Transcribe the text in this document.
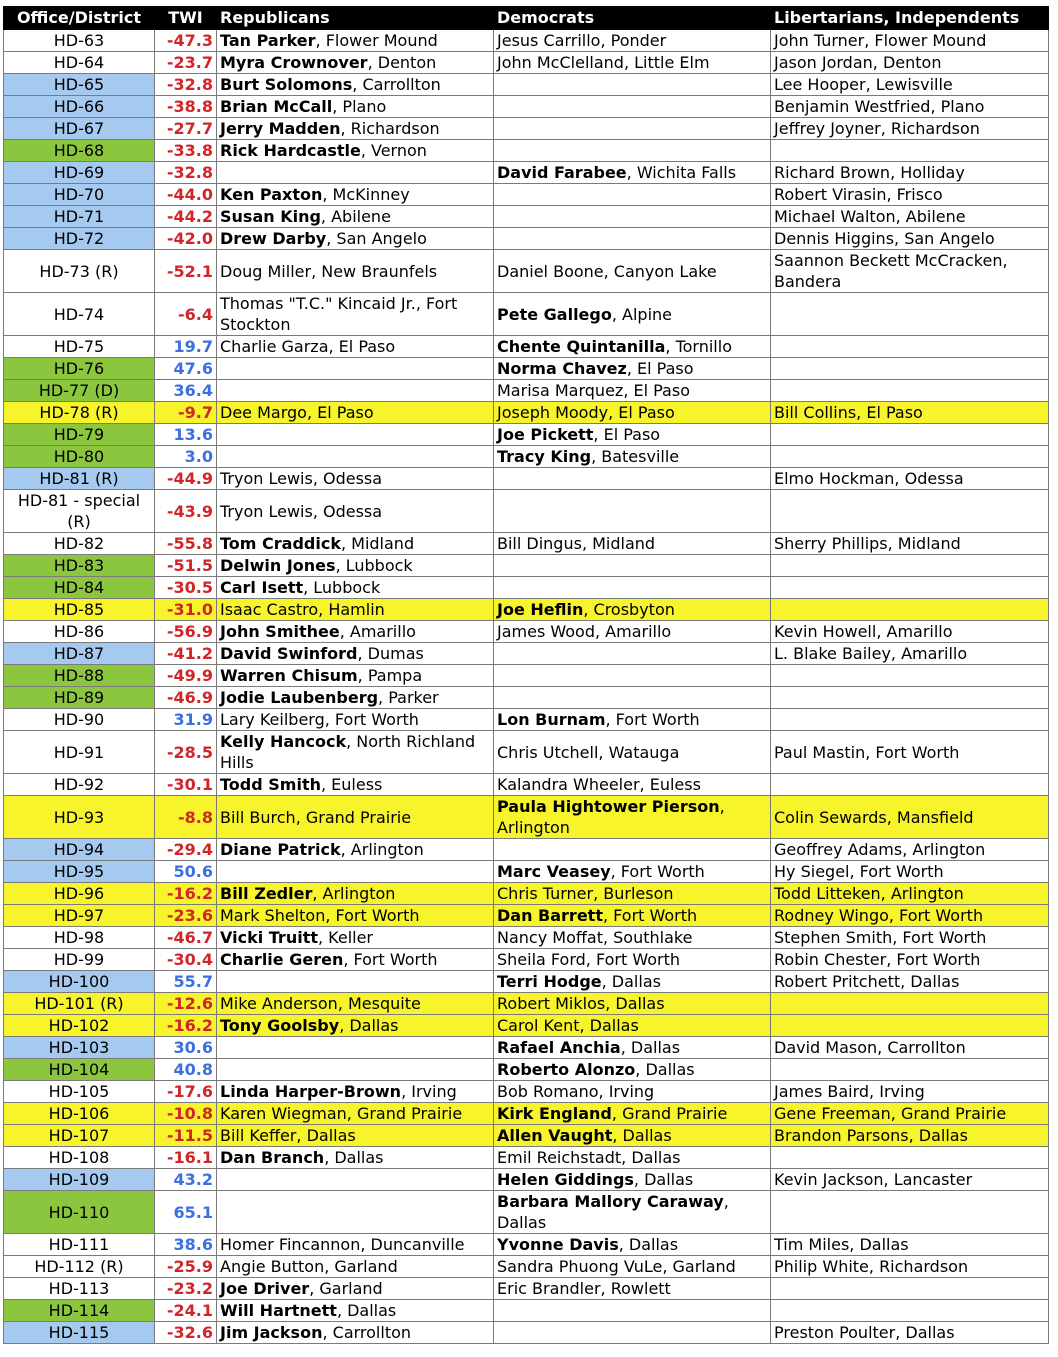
Office/District	TWI	Republicans	Democrats	Libertarians, Independents
HD-63	-47.3	Tan Parker, Flower Mound	Jesus Carrillo, Ponder	John Turner, Flower Mound
HD-64	-23.7	Myra Crownover, Denton	John McClelland, Little Elm	Jason Jordan, Denton
HD-65	-32.8	Burt Solomons, Carrollton		Lee Hooper, Lewisville
HD-66	-38.8	Brian McCall, Plano		Benjamin Westfried, Plano
HD-67	-27.7	Jerry Madden, Richardson		Jeffrey Joyner, Richardson
HD-68	-33.8	Rick Hardcastle, Vernon		
HD-69	-32.8		David Farabee, Wichita Falls	Richard Brown, Holliday
HD-70	-44.0	Ken Paxton, McKinney		Robert Virasin, Frisco
HD-71	-44.2	Susan King, Abilene		Michael Walton, Abilene
HD-72	-42.0	Drew Darby, San Angelo		Dennis Higgins, San Angelo
HD-73 (R)	-52.1	Doug Miller, New Braunfels	Daniel Boone, Canyon Lake	Saannon Beckett McCracken, Bandera
HD-74	-6.4	Thomas "T.C." Kincaid Jr., Fort Stockton	Pete Gallego, Alpine	
HD-75	19.7	Charlie Garza, El Paso	Chente Quintanilla, Tornillo	
HD-76	47.6		Norma Chavez, El Paso	
HD-77 (D)	36.4		Marisa Marquez, El Paso	
HD-78 (R)	-9.7	Dee Margo, El Paso	Joseph Moody, El Paso	Bill Collins, El Paso
HD-79	13.6		Joe Pickett, El Paso	
HD-80	3.0		Tracy King, Batesville	
HD-81 (R)	-44.9	Tryon Lewis, Odessa		Elmo Hockman, Odessa
HD-81 - special (R)	-43.9	Tryon Lewis, Odessa		
HD-82	-55.8	Tom Craddick, Midland	Bill Dingus, Midland	Sherry Phillips, Midland
HD-83	-51.5	Delwin Jones, Lubbock		
HD-84	-30.5	Carl Isett, Lubbock		
HD-85	-31.0	Isaac Castro, Hamlin	Joe Heflin, Crosbyton	
HD-86	-56.9	John Smithee, Amarillo	James Wood, Amarillo	Kevin Howell, Amarillo
HD-87	-41.2	David Swinford, Dumas		L. Blake Bailey, Amarillo
HD-88	-49.9	Warren Chisum, Pampa		
HD-89	-46.9	Jodie Laubenberg, Parker		
HD-90	31.9	Lary Keilberg, Fort Worth	Lon Burnam, Fort Worth	
HD-91	-28.5	Kelly Hancock, North Richland Hills	Chris Utchell, Watauga	Paul Mastin, Fort Worth
HD-92	-30.1	Todd Smith, Euless	Kalandra Wheeler, Euless	
HD-93	-8.8	Bill Burch, Grand Prairie	Paula Hightower Pierson, Arlington	Colin Sewards, Mansfield
HD-94	-29.4	Diane Patrick, Arlington		Geoffrey Adams, Arlington
HD-95	50.6		Marc Veasey, Fort Worth	Hy Siegel, Fort Worth
HD-96	-16.2	Bill Zedler, Arlington	Chris Turner, Burleson	Todd Litteken, Arlington
HD-97	-23.6	Mark Shelton, Fort Worth	Dan Barrett, Fort Worth	Rodney Wingo, Fort Worth
HD-98	-46.7	Vicki Truitt, Keller	Nancy Moffat, Southlake	Stephen Smith, Fort Worth
HD-99	-30.4	Charlie Geren, Fort Worth	Sheila Ford, Fort Worth	Robin Chester, Fort Worth
HD-100	55.7		Terri Hodge, Dallas	Robert Pritchett, Dallas
HD-101 (R)	-12.6	Mike Anderson, Mesquite	Robert Miklos, Dallas	
HD-102	-16.2	Tony Goolsby, Dallas	Carol Kent, Dallas	
HD-103	30.6		Rafael Anchia, Dallas	David Mason, Carrollton
HD-104	40.8		Roberto Alonzo, Dallas	
HD-105	-17.6	Linda Harper-Brown, Irving	Bob Romano, Irving	James Baird, Irving
HD-106	-10.8	Karen Wiegman, Grand Prairie	Kirk England, Grand Prairie	Gene Freeman, Grand Prairie
HD-107	-11.5	Bill Keffer, Dallas	Allen Vaught, Dallas	Brandon Parsons, Dallas
HD-108	-16.1	Dan Branch, Dallas	Emil Reichstadt, Dallas	
HD-109	43.2		Helen Giddings, Dallas	Kevin Jackson, Lancaster
HD-110	65.1		Barbara Mallory Caraway, Dallas	
HD-111	38.6	Homer Fincannon, Duncanville	Yvonne Davis, Dallas	Tim Miles, Dallas
HD-112 (R)	-25.9	Angie Button, Garland	Sandra Phuong VuLe, Garland	Philip White, Richardson
HD-113	-23.2	Joe Driver, Garland	Eric Brandler, Rowlett	
HD-114	-24.1	Will Hartnett, Dallas		
HD-115	-32.6	Jim Jackson, Carrollton		Preston Poulter, Dallas
